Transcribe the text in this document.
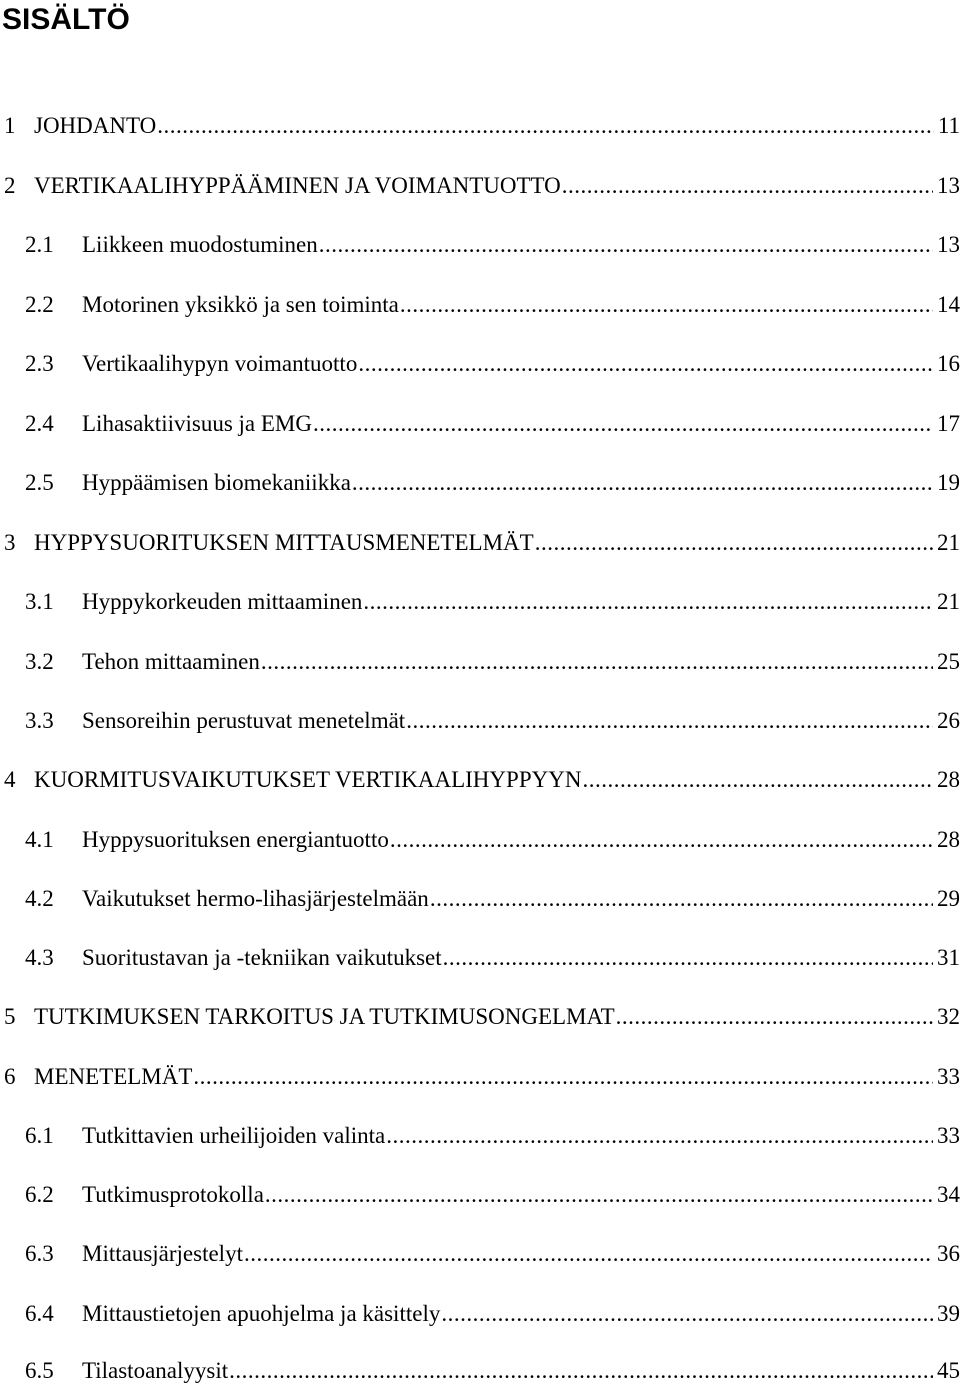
SISÄLTÖ
1 JOHDANTO .....	11
2 VERTIKAALIHYPPÄÄMINEN JA VOIMANTUOTTO .....	13
2.1	Liikkeen muodostuminen .....	13
2.2	Motorinen yksikkö ja sen toiminta .....	14
2.3	Vertikaalihypyn voimantuotto .....	16
2.4	Lihasaktiivisuus ja EMG .....	17
2.5	Hyppäämisen biomekaniikka .....	19
3 HYPPYSUORITUKSEN MITTAUSMENETELMÄT .....	21
3.1	Hyppykorkeuden mittaaminen .....	21
3.2	Tehon mittaaminen .....	25
3.3	Sensoreihin perustuvat menetelmät .....	26
4 KUORMITUSVAIKUTUKSET VERTIKAALIHYPPYYN .....	28
4.1	Hyppysuorituksen energiantuotto .....	28
4.2	Vaikutukset hermo-lihasjärjestelmään .....	29
4.3	Suoritustavan ja -tekniikan vaikutukset .....	31
5 TUTKIMUKSEN TARKOITUS JA TUTKIMUSONGELMAT .....	32
6 MENETELMÄT .....	33
6.1	Tutkittavien urheilijoiden valinta .....	33
6.2	Tutkimusprotokolla .....	34
6.3	Mittausjärjestelyt .....	36
6.4	Mittaustietojen apuohjelma ja käsittely .....	39
6.5	Tilastoanalyysit .....	45
